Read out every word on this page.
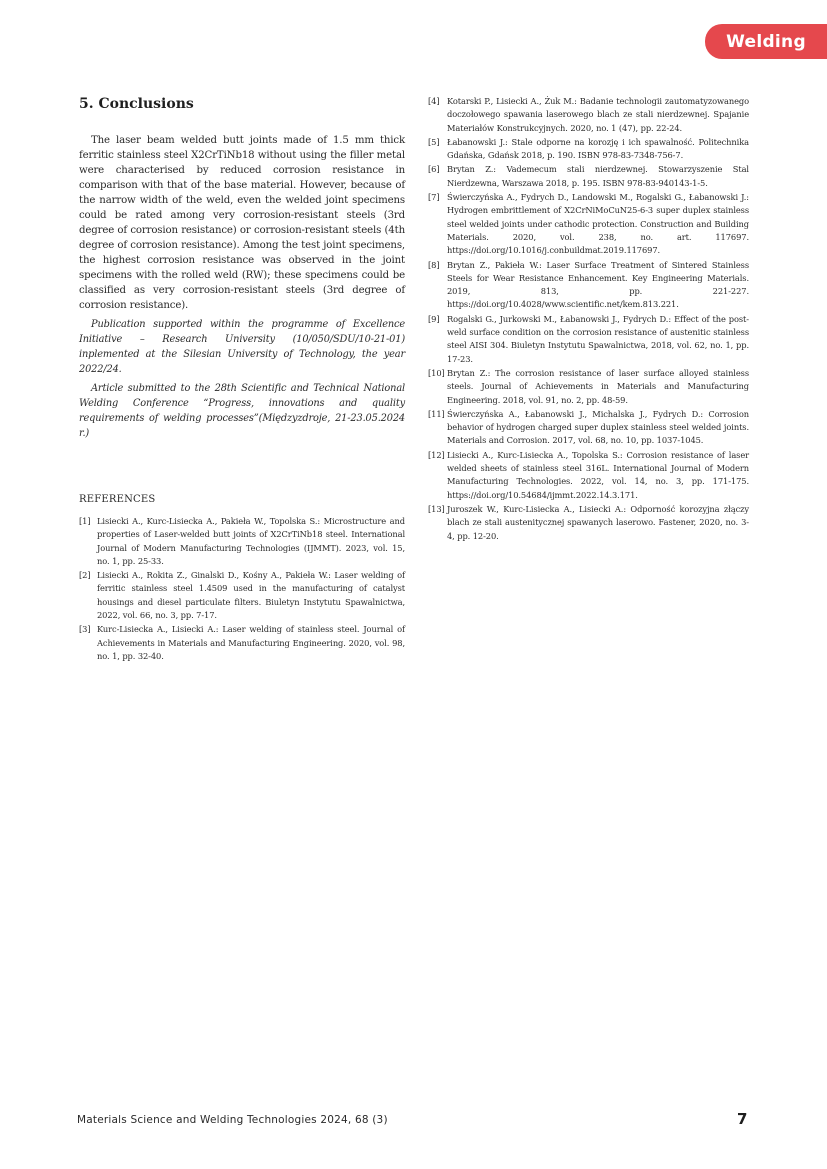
Welding
5. Conclusions

The laser beam welded butt joints made of 1.5 mm thick ferritic stainless steel X2CrTiNb18 without using the filler metal were characterised by reduced corrosion resistance in comparison with that of the base material. However, because of the narrow width of the weld, even the welded joint specimens could be rated among very corrosion-resistant steels (3rd degree of corrosion resistance) or corrosion-resistant steels (4th degree of corrosion resistance). Among the test joint specimens, the highest corrosion resistance was observed in the joint specimens with the rolled weld (RW); these specimens could be classified as very corrosion-resistant steels (3rd degree of corrosion resistance).

Publication supported within the programme of Excellence Initiative – Research University (10/050/SDU/10-21-01) inplemented at the Silesian University of Technology, the year 2022/24.

Article submitted to the 28th Scientific and Technical National Welding Conference “Progress, innovations and quality requirements of welding processes”(Międzyzdroje, 21-23.05.2024 r.)

REFERENCES
[1] Lisiecki A., Kurc-Lisiecka A., Pakieła W., Topolska S.: Microstructure and properties of Laser-welded butt joints of X2CrTiNb18 steel. International Journal of Modern Manufacturing Technologies (IJMMT). 2023, vol. 15, no. 1, pp. 25-33.
[2] Lisiecki A., Rokita Z., Ginalski D., Kośny A., Pakieła W.: Laser welding of ferritic stainless steel 1.4509 used in the manufacturing of catalyst housings and diesel particulate filters. Biuletyn Instytutu Spawalnictwa, 2022, vol. 66, no. 3, pp. 7-17.
[3] Kurc-Lisiecka A., Lisiecki A.: Laser welding of stainless steel. Journal of Achievements in Materials and Manufacturing Engineering. 2020, vol. 98, no. 1, pp. 32-40.
[4] Kotarski P., Lisiecki A., Żuk M.: Badanie technologii zautomatyzowanego doczołowego spawania laserowego blach ze stali nierdzewnej. Spajanie Materiałów Konstrukcyjnych. 2020, no. 1 (47), pp. 22-24.
[5] Łabanowski J.: Stale odporne na korozję i ich spawalność. Politechnika Gdańska, Gdańsk 2018, p. 190. ISBN 978-83-7348-756-7.
[6] Brytan Z.: Vademecum stali nierdzewnej. Stowarzyszenie Stal Nierdzewna, Warszawa 2018, p. 195. ISBN 978-83-940143-1-5.
[7] Świerczyńska A., Fydrych D., Landowski M., Rogalski G., Łabanowski J.: Hydrogen embrittlement of X2CrNiMoCuN25-6-3 super duplex stainless steel welded joints under cathodic protection. Construction and Building Materials. 2020, vol. 238, no. art. 117697. https://doi.org/10.1016/j.conbuildmat.2019.117697.
[8] Brytan Z., Pakieła W.: Laser Surface Treatment of Sintered Stainless Steels for Wear Resistance Enhancement. Key Engineering Materials. 2019, 813, pp. 221-227. https://doi.org/10.4028/www.scientific.net/kem.813.221.
[9] Rogalski G., Jurkowski M., Łabanowski J., Fydrych D.: Effect of the post-weld surface condition on the corrosion resistance of austenitic stainless steel AISI 304. Biuletyn Instytutu Spawalnictwa, 2018, vol. 62, no. 1, pp. 17-23.
[10] Brytan Z.: The corrosion resistance of laser surface alloyed stainless steels. Journal of Achievements in Materials and Manufacturing Engineering. 2018, vol. 91, no. 2, pp. 48-59.
[11] Świerczyńska A., Łabanowski J., Michalska J., Fydrych D.: Corrosion behavior of hydrogen charged super duplex stainless steel welded joints. Materials and Corrosion. 2017, vol. 68, no. 10, pp. 1037-1045.
[12] Lisiecki A., Kurc-Lisiecka A., Topolska S.: Corrosion resistance of laser welded sheets of stainless steel 316L. International Journal of Modern Manufacturing Technologies. 2022, vol. 14, no. 3, pp. 171-175. https://doi.org/10.54684/ijmmt.2022.14.3.171.
[13] Juroszek W., Kurc-Lisiecka A., Lisiecki A.: Odporność korozyjna złączy blach ze stali austenitycznej spawanych laserowo. Fastener, 2020, no. 3-4, pp. 12-20.
Materials Science and Welding Technologies 2024, 68 (3)	7
